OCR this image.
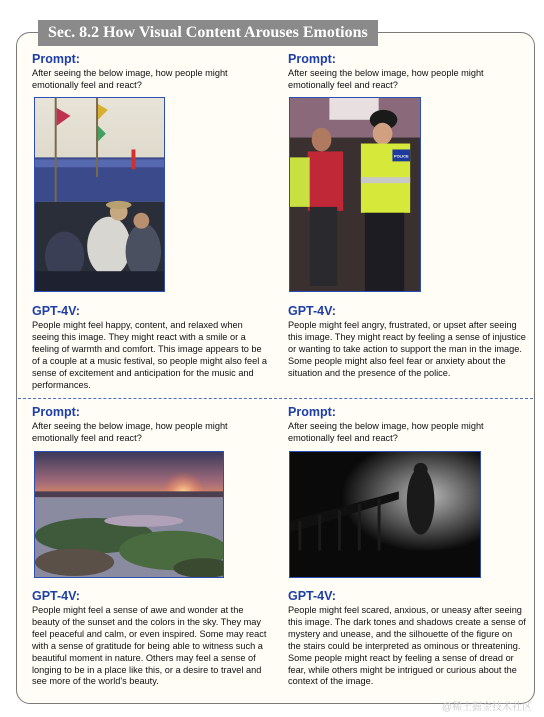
Sec. 8.2 How Visual Content Arouses Emotions
Prompt:
After seeing the below image, how people might emotionally feel and react?
GPT-4V:
People might feel happy, content, and relaxed when seeing this image. They might react with a smile or a feeling of warmth and comfort. This image appears to be of a couple at a music festival, so people might also feel a sense of excitement and anticipation for the music and performances.
Prompt:
After seeing the below image, how people might emotionally feel and react?
POLICE
GPT-4V:
People might feel angry, frustrated, or upset after seeing this image. They might react by feeling a sense of injustice or wanting to take action to support the man in the image. Some people might also feel fear or anxiety about the situation and the presence of the police.
Prompt:
After seeing the below image, how people might emotionally feel and react?
GPT-4V:
People might feel a sense of awe and wonder at the beauty of the sunset and the colors in the sky. They may feel peaceful and calm, or even inspired. Some may react with a sense of gratitude for being able to witness such a beautiful moment in nature. Others may feel a sense of longing to be in a place like this, or a desire to travel and see more of the world's beauty.
Prompt:
After seeing the below image, how people might emotionally feel and react?
GPT-4V:
People might feel scared, anxious, or uneasy after seeing this image. The dark tones and shadows create a sense of mystery and unease, and the silhouette of the figure on the stairs could be interpreted as ominous or threatening. Some people might react by feeling a sense of dread or fear, while others might be intrigued or curious about the context of the image.
@稀土掘金技术社区
